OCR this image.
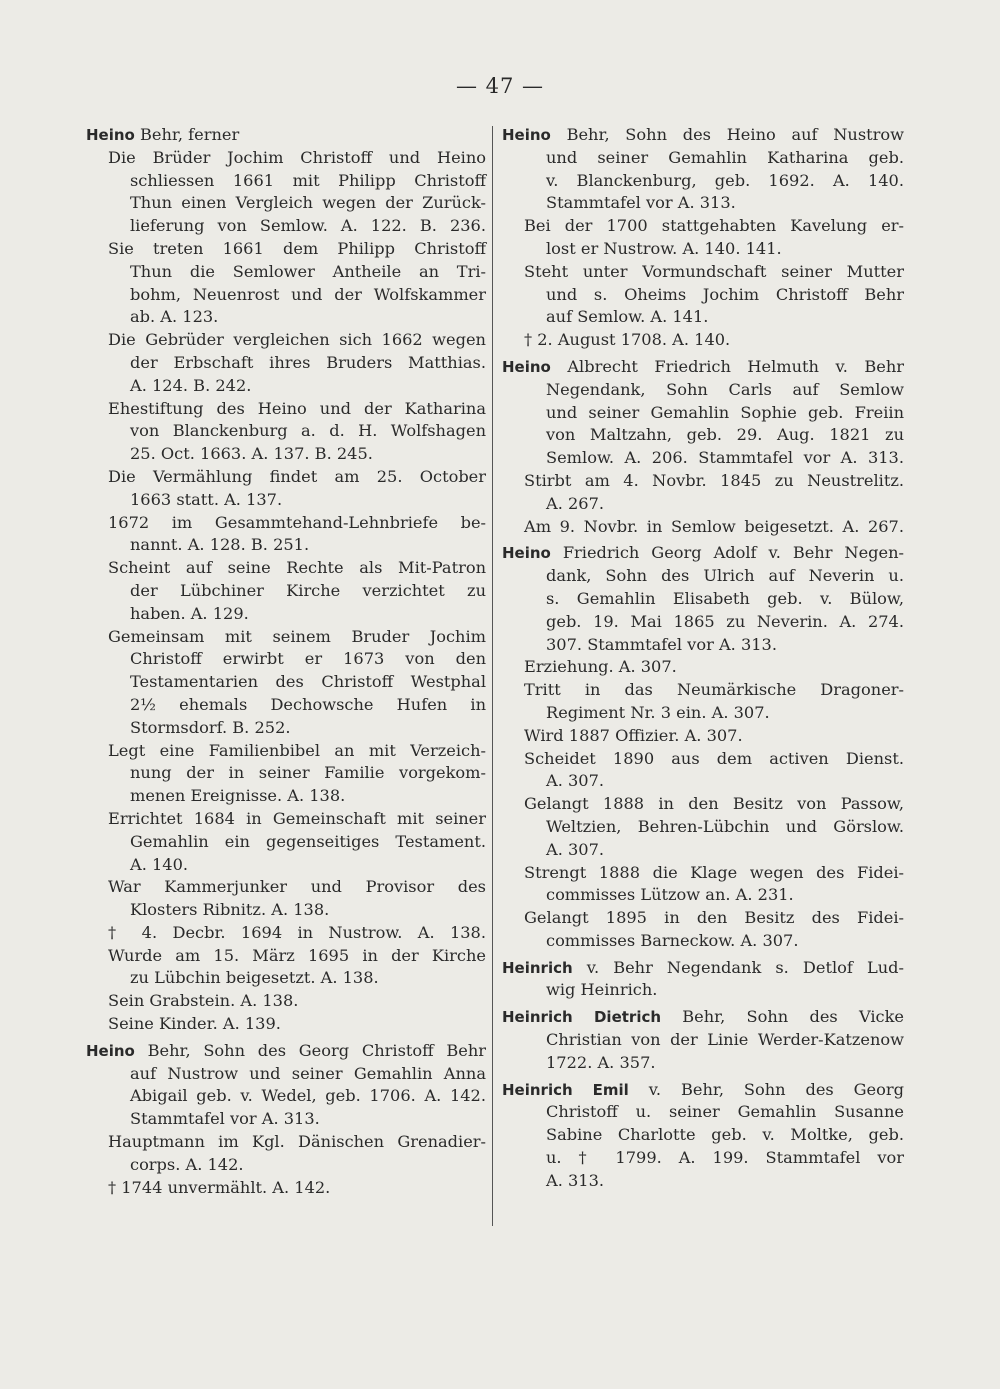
— 47 —
Heino Behr, ferner
Die Brüder Jochim Christoff und Heino
schliessen 1661 mit Philipp Christoff
Thun einen Vergleich wegen der Zurück-
lieferung von Semlow. A. 122. B. 236.
Sie treten 1661 dem Philipp Christoff
Thun die Semlower Antheile an Tri-
bohm, Neuenrost und der Wolfskammer
ab. A. 123.
Die Gebrüder vergleichen sich 1662 wegen
der Erbschaft ihres Bruders Matthias.
A. 124. B. 242.
Ehestiftung des Heino und der Katharina
von Blanckenburg a. d. H. Wolfshagen
25. Oct. 1663. A. 137. B. 245.
Die Vermählung findet am 25. October
1663 statt. A. 137.
1672 im Gesammtehand-Lehnbriefe be-
nannt. A. 128. B. 251.
Scheint auf seine Rechte als Mit-Patron
der Lübchiner Kirche verzichtet zu
haben. A. 129.
Gemeinsam mit seinem Bruder Jochim
Christoff erwirbt er 1673 von den
Testamentarien des Christoff Westphal
2½ ehemals Dechowsche Hufen in
Stormsdorf. B. 252.
Legt eine Familienbibel an mit Verzeich-
nung der in seiner Familie vorgekom-
menen Ereignisse. A. 138.
Errichtet 1684 in Gemeinschaft mit seiner
Gemahlin ein gegenseitiges Testament.
A. 140.
War Kammerjunker und Provisor des
Klosters Ribnitz. A. 138.
† 4. Decbr. 1694 in Nustrow. A. 138.
Wurde am 15. März 1695 in der Kirche
zu Lübchin beigesetzt. A. 138.
Sein Grabstein. A. 138.
Seine Kinder. A. 139.
Heino Behr, Sohn des Georg Christoff Behr
auf Nustrow und seiner Gemahlin Anna
Abigail geb. v. Wedel, geb. 1706. A. 142.
Stammtafel vor A. 313.
Hauptmann im Kgl. Dänischen Grenadier-
corps. A. 142.
† 1744 unvermählt. A. 142.
Heino Behr, Sohn des Heino auf Nustrow
und seiner Gemahlin Katharina geb.
v. Blanckenburg, geb. 1692. A. 140.
Stammtafel vor A. 313.
Bei der 1700 stattgehabten Kavelung er-
lost er Nustrow. A. 140. 141.
Steht unter Vormundschaft seiner Mutter
und s. Oheims Jochim Christoff Behr
auf Semlow. A. 141.
† 2. August 1708. A. 140.
Heino Albrecht Friedrich Helmuth v. Behr
Negendank, Sohn Carls auf Semlow
und seiner Gemahlin Sophie geb. Freiin
von Maltzahn, geb. 29. Aug. 1821 zu
Semlow. A. 206. Stammtafel vor A. 313.
Stirbt am 4. Novbr. 1845 zu Neustrelitz.
A. 267.
Am 9. Novbr. in Semlow beigesetzt. A. 267.
Heino Friedrich Georg Adolf v. Behr Negen-
dank, Sohn des Ulrich auf Neverin u.
s. Gemahlin Elisabeth geb. v. Bülow,
geb. 19. Mai 1865 zu Neverin. A. 274.
307. Stammtafel vor A. 313.
Erziehung. A. 307.
Tritt in das Neumärkische Dragoner-
Regiment Nr. 3 ein. A. 307.
Wird 1887 Offizier. A. 307.
Scheidet 1890 aus dem activen Dienst.
A. 307.
Gelangt 1888 in den Besitz von Passow,
Weltzien, Behren-Lübchin und Görslow.
A. 307.
Strengt 1888 die Klage wegen des Fidei-
commisses Lützow an. A. 231.
Gelangt 1895 in den Besitz des Fidei-
commisses Barneckow. A. 307.
Heinrich v. Behr Negendank s. Detlof Lud-
wig Heinrich.
Heinrich Dietrich Behr, Sohn des Vicke
Christian von der Linie Werder-Katzenow
1722. A. 357.
Heinrich Emil v. Behr, Sohn des Georg
Christoff u. seiner Gemahlin Susanne
Sabine Charlotte geb. v. Moltke, geb.
u. † 1799. A. 199. Stammtafel vor
A. 313.
